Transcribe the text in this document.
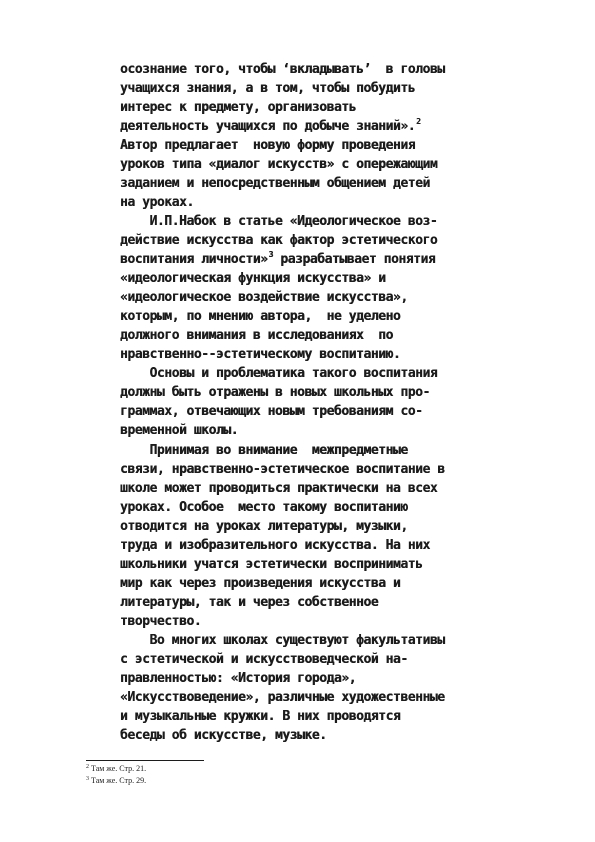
осознание того, чтобы ‘вкладывать’  в головы
учащихся знания, а в том, чтобы побудить
интерес к предмету, организовать
деятельность учащихся по добыче знаний».$^2$
Автор предлагает  новую форму проведения
уроков типа «диалог искусств» с опережающим
заданием и непосредственным общением детей
на уроках.
И.П.Набок в статье «Идеологическое воз-
действие искусства как фактор эстетического
воспитания личности»$^3$ разрабатывает понятия
«идеологическая функция искусства» и
«идеологическое воздействие искусства»,
которым, по мнению автора,  не уделено
должного внимания в исследованиях  по
нравственно--эстетическому воспитанию.
Основы и проблематика такого воспитания
должны быть отражены в новых школьных про-
граммах, отвечающих новым требованиям со-
временной школы.
Принимая во внимание  межпредметные
связи, нравственно-эстетическое воспитание в
школе может проводиться практически на всех
уроках. Особое  место такому воспитанию
отводится на уроках литературы, музыки,
труда и изобразительного искусства. На них
школьники учатся эстетически воспринимать
мир как через произведения искусства и
литературы, так и через собственное
творчество.
Во многих школах существуют факультативы
с эстетической и искусствоведческой на-
правленностью: «История города»,
«Искусствоведение», различные художественные
и музыкальные кружки. В них проводятся
беседы об искусстве, музыке.
$^2$ Там же. Стр. 21.
$^3$ Там же. Стр. 29.
